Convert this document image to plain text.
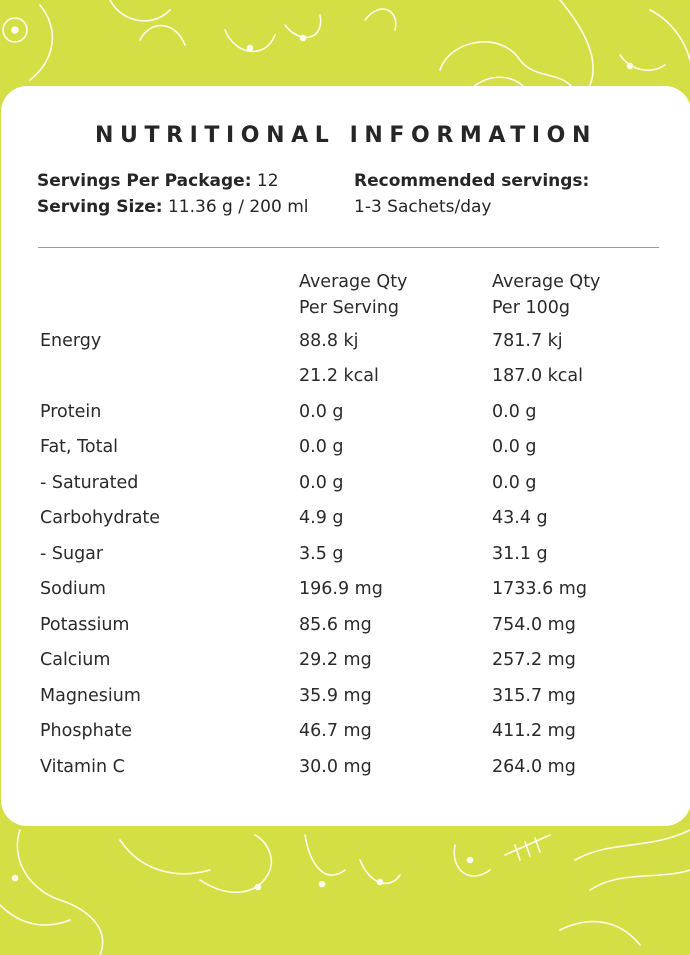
NUTRITIONAL INFORMATION
Servings Per Package: 12
Serving Size: 11.36 g / 200 ml
Recommended servings:
1-3 Sachets/day
Average Qty
Per Serving
Average Qty
Per 100g
Energy	88.8 kj	781.7 kj
21.2 kcal	187.0 kcal
Protein	0.0 g	0.0 g
Fat, Total	0.0 g	0.0 g
- Saturated	0.0 g	0.0 g
Carbohydrate	4.9 g	43.4 g
- Sugar	3.5 g	31.1 g
Sodium	196.9 mg	1733.6 mg
Potassium	85.6 mg	754.0 mg
Calcium	29.2 mg	257.2 mg
Magnesium	35.9 mg	315.7 mg
Phosphate	46.7 mg	411.2 mg
Vitamin C	30.0 mg	264.0 mg
